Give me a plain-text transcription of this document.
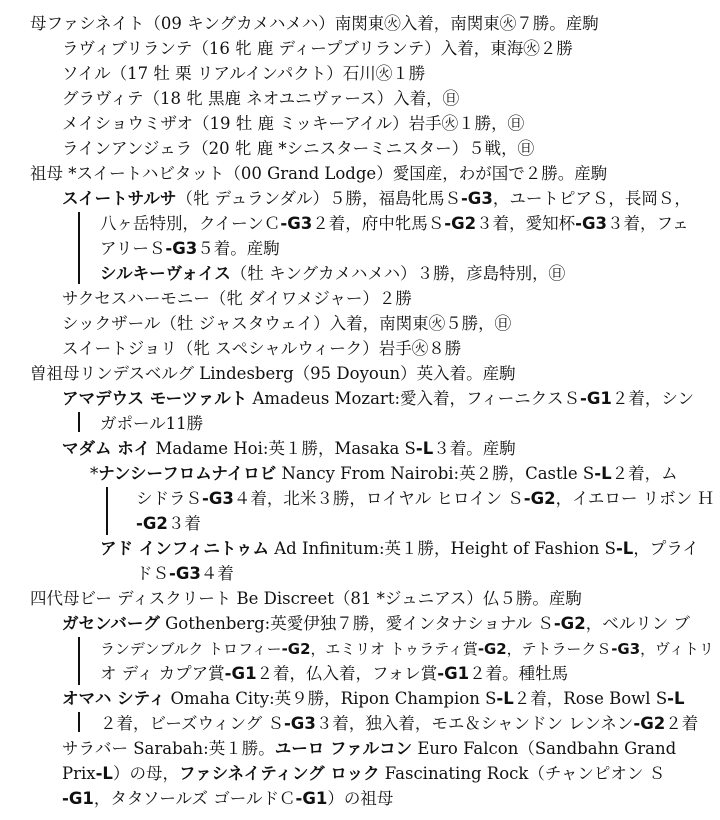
母ファシネイト（09 キングカメハメハ）南関東㊋入着，南関東㊋７勝。産駒
ラヴィブリランテ（16 牝 鹿 ディープブリランテ）入着，東海㊋２勝
ソイル（17 牡 栗 リアルインパクト）石川㊋１勝
グラヴィテ（18 牝 黒鹿 ネオユニヴァース）入着，㊐
メイショウミザオ（19 牡 鹿 ミッキーアイル）岩手㊋１勝，㊐
ラインアンジェラ（20 牝 鹿 *シニスターミニスター）５戦，㊐
祖母 *スイートハビタット（00 Grand Lodge）愛国産，わが国で２勝。産駒
スイートサルサ（牝 デュランダル）５勝，福島牝馬Ｓ-G3，ユートピアＳ，長岡Ｓ，
八ヶ岳特別，クイーンＣ-G3２着，府中牝馬Ｓ-G2３着，愛知杯-G3３着，フェ
アリーＳ-G3５着。産駒
シルキーヴォイス（牡 キングカメハメハ）３勝，彦島特別，㊐
サクセスハーモニー（牝 ダイワメジャー）２勝
シックザール（牡 ジャスタウェイ）入着，南関東㊋５勝，㊐
スイートジョリ（牝 スペシャルウィーク）岩手㊋８勝
曽祖母リンデスベルグ Lindesberg（95 Doyoun）英入着。産駒
アマデウス モーツァルト Amadeus Mozart:愛入着，フィーニクスＳ-G1２着，シン
ガポール11勝
マダム ホイ Madame Hoi:英１勝，Masaka S-L３着。産駒
*ナンシーフロムナイロビ Nancy From Nairobi:英２勝，Castle S-L２着，ム
シドラＳ-G3４着，北米３勝，ロイヤル ヒロイン Ｓ-G2，イエロー リボン Ｈ
-G2３着
アド インフィニトゥム Ad Infinitum:英１勝，Height of Fashion S-L，プライ
ドＳ-G3４着
四代母ビー ディスクリート Be Discreet（81 *ジュニアス）仏５勝。産駒
ガセンバーグ Gothenberg:英愛伊独７勝，愛インタナショナル Ｓ-G2，ベルリン ブ
ランデンブルク トロフィー-G2，エミリオ トゥラティ賞-G2，テトラークＳ-G3，ヴィトリ
オ ディ カプア賞-G1２着，仏入着，フォレ賞-G1２着。種牡馬
オマハ シティ Omaha City:英９勝，Ripon Champion S-L２着，Rose Bowl S-L
２着，ビーズウィング Ｓ-G3３着，独入着，モエ＆シャンドン レンネン-G2２着
サラバー Sarabah:英１勝。ユーロ ファルコン Euro Falcon（Sandbahn Grand
Prix-L）の母，ファシネイティング ロック Fascinating Rock（チャンピオン Ｓ
-G1，タタソールズ ゴールドＣ-G1）の祖母
